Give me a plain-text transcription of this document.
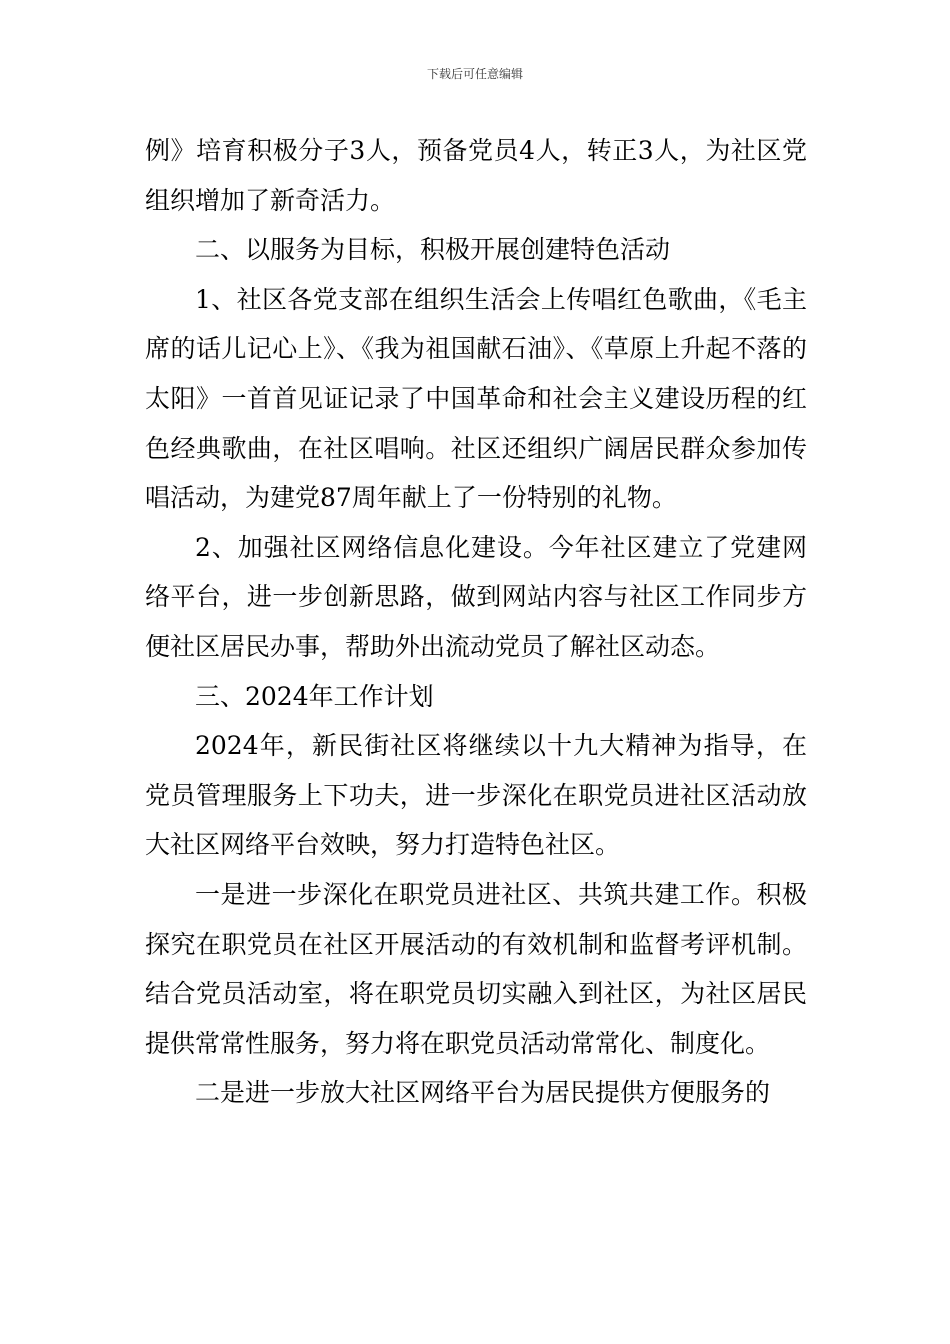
下载后可任意编辑

例》培育积极分子3人，预备党员4人，转正3人，为社区党组织增加了新奇活力。

二、以服务为目标，积极开展创建特色活动

1、社区各党支部在组织生活会上传唱红色歌曲，《毛主席的话儿记心上》、《我为祖国献石油》、《草原上升起不落的太阳》一首首见证记录了中国革命和社会主义建设历程的红色经典歌曲，在社区唱响。社区还组织广阔居民群众参加传唱活动，为建党87周年献上了一份特别的礼物。

2、加强社区网络信息化建设。今年社区建立了党建网络平台，进一步创新思路，做到网站内容与社区工作同步方便社区居民办事，帮助外出流动党员了解社区动态。

三、2024年工作计划

2024年，新民街社区将继续以十九大精神为指导，在党员管理服务上下功夫，进一步深化在职党员进社区活动放大社区网络平台效映，努力打造特色社区。

一是进一步深化在职党员进社区、共筑共建工作。积极探究在职党员在社区开展活动的有效机制和监督考评机制。结合党员活动室，将在职党员切实融入到社区，为社区居民提供常常性服务，努力将在职党员活动常常化、制度化。

二是进一步放大社区网络平台为居民提供方便服务的
